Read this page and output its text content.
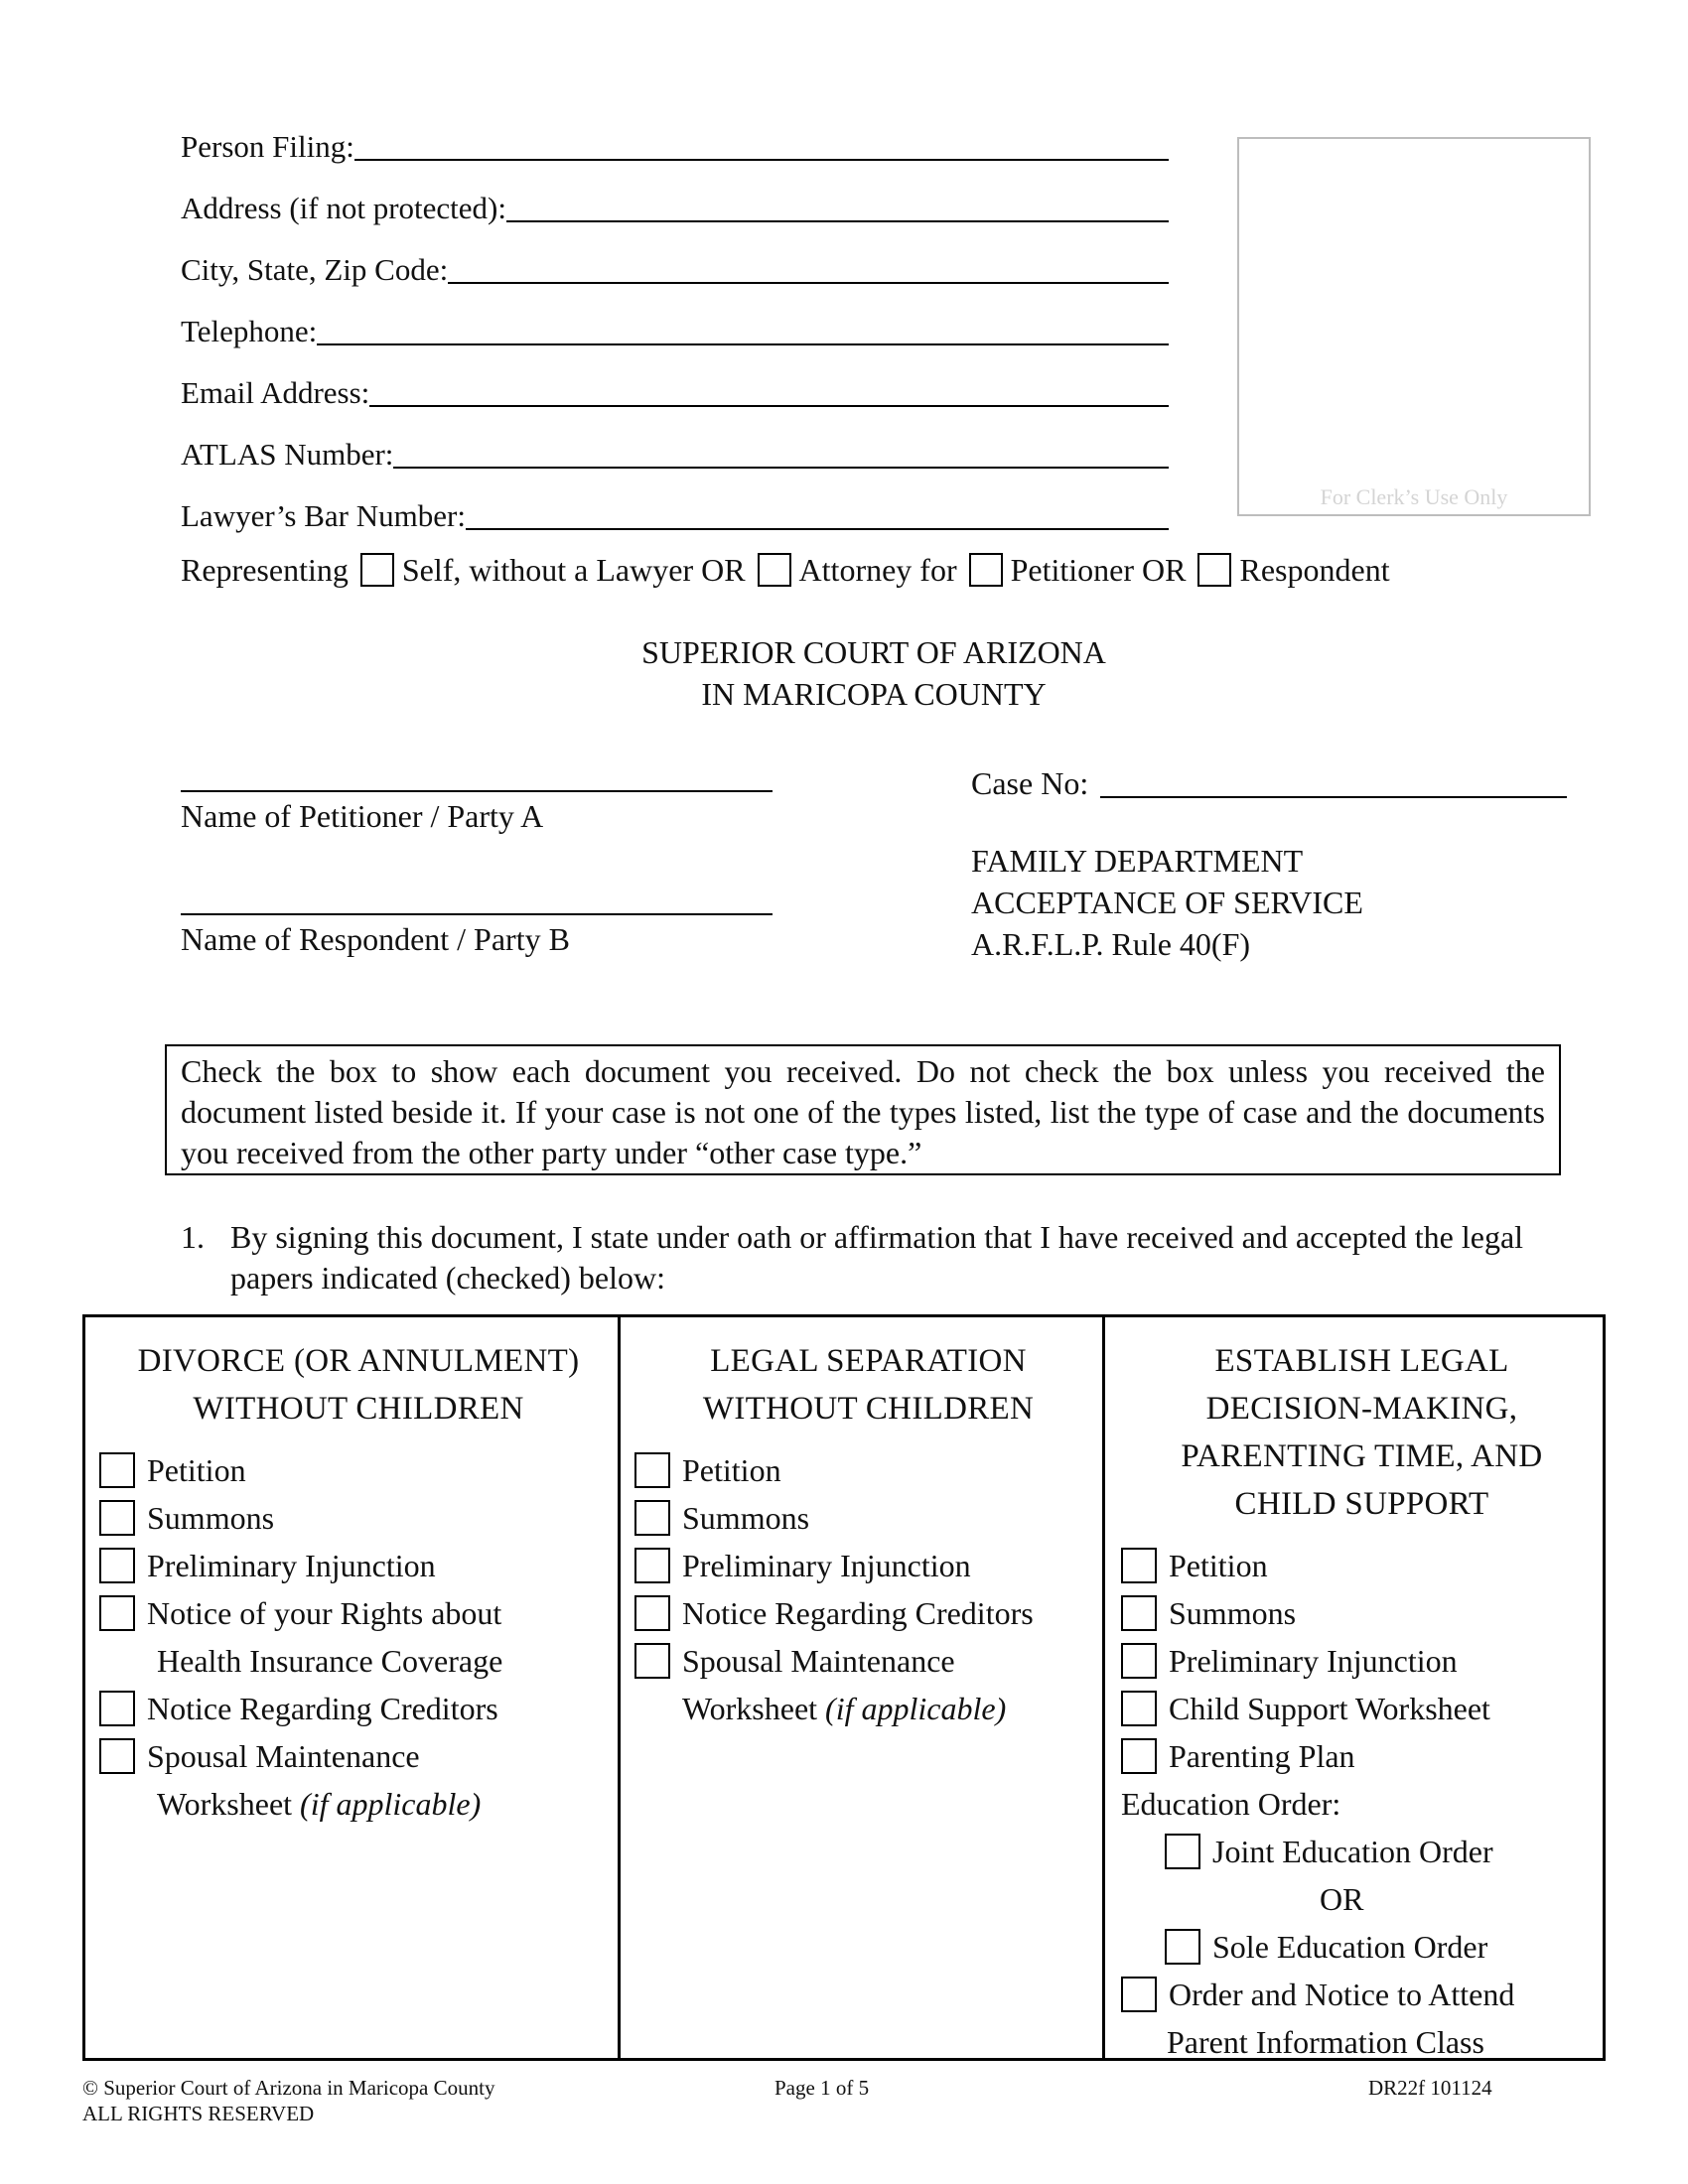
Person Filing:
Address (if not protected):
City, State, Zip Code:
Telephone:
Email Address:
ATLAS Number:
Lawyer’s Bar Number:
For Clerk’s Use Only
Representing Self, without a Lawyer OR Attorney for Petitioner OR Respondent
SUPERIOR COURT OF ARIZONA
IN MARICOPA COUNTY
Name of Petitioner / Party A
Name of Respondent / Party B
Case No:
FAMILY DEPARTMENT
ACCEPTANCE OF SERVICE
A.R.F.L.P. Rule 40(F)
Check the box to show each document you received. Do not check the box unless you received the document listed beside it. If your case is not one of the types listed, list the type of case and the documents you received from the other party under “other case type.”
1. By signing this document, I state under oath or affirmation that I have received and accepted the legal papers indicated (checked) below:
DIVORCE (OR ANNULMENT)
WITHOUT CHILDREN
Petition
Summons
Preliminary Injunction
Notice of your Rights about
Health Insurance Coverage
Notice Regarding Creditors
Spousal Maintenance
Worksheet (if applicable)
LEGAL SEPARATION
WITHOUT CHILDREN
Petition
Summons
Preliminary Injunction
Notice Regarding Creditors
Spousal Maintenance
Worksheet (if applicable)
ESTABLISH LEGAL
DECISION-MAKING,
PARENTING TIME, AND
CHILD SUPPORT
Petition
Summons
Preliminary Injunction
Child Support Worksheet
Parenting Plan
Education Order:
Joint Education Order
OR
Sole Education Order
Order and Notice to Attend
Parent Information Class
© Superior Court of Arizona in Maricopa County
ALL RIGHTS RESERVED
Page 1 of 5	DR22f 101124
